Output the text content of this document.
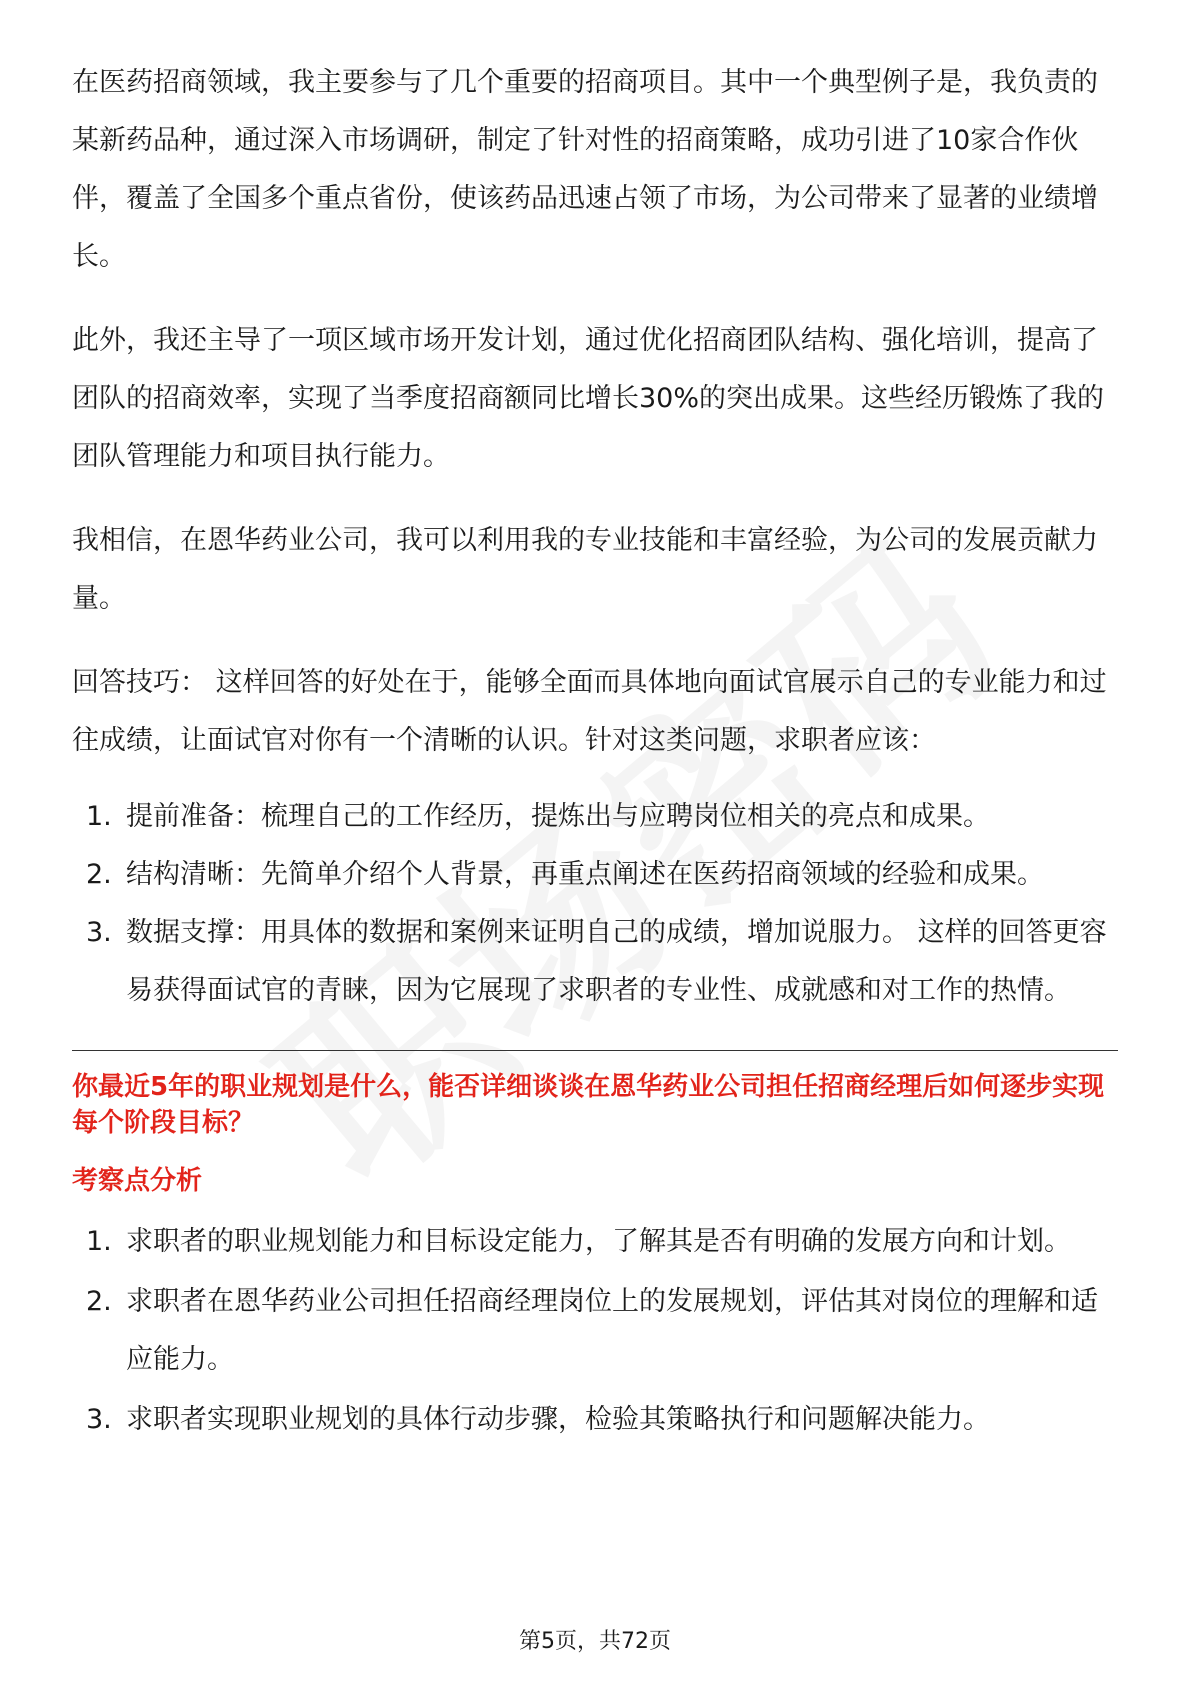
在医药招商领域，我主要参与了几个重要的招商项目。其中一个典型例子是，我负责的某新药品种，通过深入市场调研，制定了针对性的招商策略，成功引进了10家合作伙伴，覆盖了全国多个重点省份，使该药品迅速占领了市场，为公司带来了显著的业绩增长。

此外，我还主导了一项区域市场开发计划，通过优化招商团队结构、强化培训，提高了团队的招商效率，实现了当季度招商额同比增长30%的突出成果。这些经历锻炼了我的团队管理能力和项目执行能力。

我相信，在恩华药业公司，我可以利用我的专业技能和丰富经验，为公司的发展贡献力量。

回答技巧： 这样回答的好处在于，能够全面而具体地向面试官展示自己的专业能力和过往成绩，让面试官对你有一个清晰的认识。针对这类问题，求职者应该：

1. 提前准备：梳理自己的工作经历，提炼出与应聘岗位相关的亮点和成果。
2. 结构清晰：先简单介绍个人背景，再重点阐述在医药招商领域的经验和成果。
3. 数据支撑：用具体的数据和案例来证明自己的成绩，增加说服力。 这样的回答更容易获得面试官的青睐，因为它展现了求职者的专业性、成就感和对工作的热情。

你最近5年的职业规划是什么，能否详细谈谈在恩华药业公司担任招商经理后如何逐步实现每个阶段目标？

考察点分析

1. 求职者的职业规划能力和目标设定能力，了解其是否有明确的发展方向和计划。
2. 求职者在恩华药业公司担任招商经理岗位上的发展规划，评估其对岗位的理解和适应能力。
3. 求职者实现职业规划的具体行动步骤，检验其策略执行和问题解决能力。
第5页，共72页
